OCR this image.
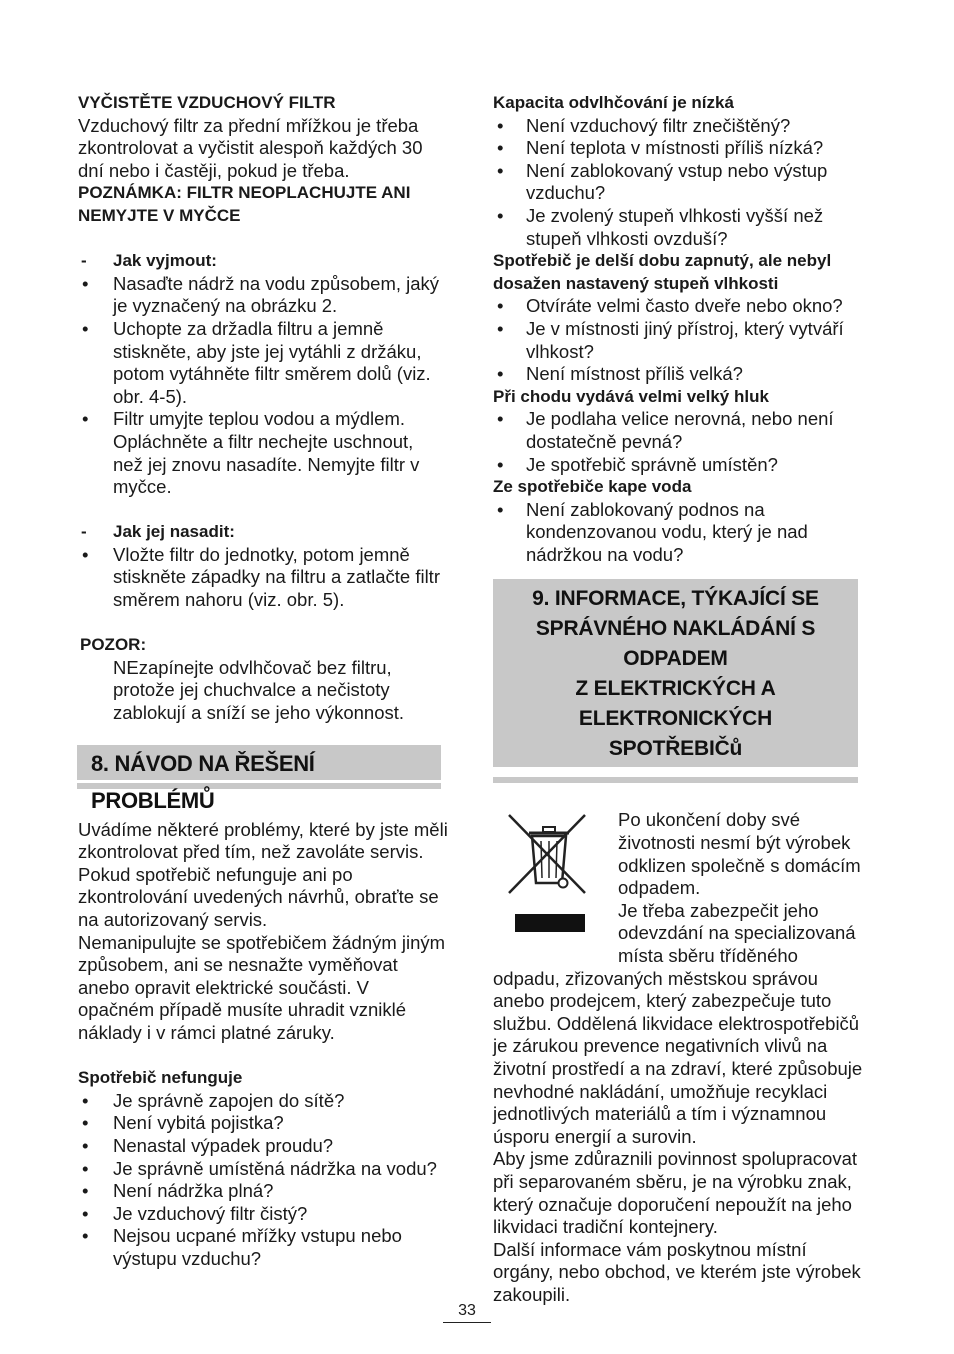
VYČISTĚTE VZDUCHOVÝ FILTR

Vzduchový filtr za přední mřížkou je třeba zkontrolovat a vyčistit alespoň každých 30 dní nebo i častěji, pokud je třeba.

POZNÁMKA: FILTR NEOPLACHUJTE ANI NEMYJTE V MYČCE

- Jak vyjmout:

• Nasaďte nádrž na vodu způsobem, jaký je vyznačený na obrázku 2.
• Uchopte za držadla filtru a jemně stiskněte, aby jste jej vytáhli z držáku, potom vytáhněte filtr směrem dolů (viz. obr. 4-5).
• Filtr umyjte teplou vodou a mýdlem. Opláchněte a filtr nechejte uschnout, než jej znovu nasadíte. Nemyjte filtr v myčce.

- Jak jej nasadit:

• Vložte filtr do jednotky, potom jemně stiskněte západky na filtru a zatlačte filtr směrem nahoru (viz. obr. 5).

POZOR:

NEzapínejte odvlhčovač bez filtru, protože jej chuchvalce a nečistoty zablokují a sníží se jeho výkonnost.

8. NÁVOD NA ŘEŠENÍ PROBLÉMŮ

Uvádíme některé problémy, které by jste měli zkontrolovat před tím, než zavoláte servis. Pokud spotřebič nefunguje ani po zkontrolování uvedených návrhů, obraťte se na autorizovaný servis.

Nemanipulujte se spotřebičem žádným jiným způsobem, ani se nesnažte vyměňovat anebo opravit elektrické součásti. V opačném případě musíte uhradit vzniklé náklady i v rámci platné záruky.

Spotřebič nefunguje

• Je správně zapojen do sítě?
• Není vybitá pojistka?
• Nenastal výpadek proudu?
• Je správně umístěná nádržka na vodu?
• Není nádržka plná?
• Je vzduchový filtr čistý?
• Nejsou ucpané mřížky vstupu nebo výstupu vzduchu?

Kapacita odvlhčování je nízká

• Není vzduchový filtr znečištěný?
• Není teplota v místnosti příliš nízká?
• Není zablokovaný vstup nebo výstup vzduchu?
• Je zvolený stupeň vlhkosti vyšší než stupeň vlhkosti ovzduší?

Spotřebič je delší dobu zapnutý, ale nebyl dosažen nastavený stupeň vlhkosti

• Otvíráte velmi často dveře nebo okno?
• Je v místnosti jiný přístroj, který vytváří vlhkost?
• Není místnost příliš velká?

Při chodu vydává velmi velký hluk

• Je podlaha velice nerovná, nebo není dostatečně pevná?
• Je spotřebič správně umístěn?

Ze spotřebiče kape voda

• Není zablokovaný podnos na kondenzovanou vodu, který je nad nádržkou na vodu?
9. INFORMACE, TÝKAJÍCÍ SE
SPRÁVNÉHO NAKLÁDÁNÍ S ODPADEM
Z ELEKTRICKÝCH A ELEKTRONICKÝCH
SPOTŘEBIČů

Po ukončení doby své životnosti nesmí být výrobek odklizen společně s domácím odpadem.

Je třeba zabezpečit jeho odevzdání na specializovaná místa sběru tříděného odpadu, zřizovaných městskou správou anebo prodejcem, který zabezpečuje tuto službu. Oddělená likvidace elektrospotřebičů je zárukou prevence negativních vlivů na životní prostředí a na zdraví, které způsobuje nevhodné nakládání, umožňuje recyklaci jednotlivých materiálů a tím i významnou úsporu energií a surovin.

Aby jsme zdůraznili povinnost spolupracovat při separovaném sběru, je na výrobku znak, který označuje doporučení nepoužít na jeho likvidaci tradiční kontejnery.

Další informace vám poskytnou místní orgány, nebo obchod, ve kterém jste výrobek zakoupili.

33
